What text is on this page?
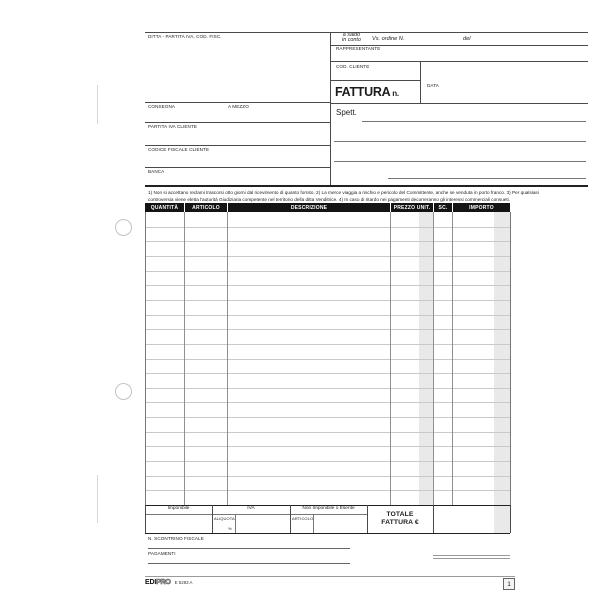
DITTA - PARTITA IVA, COD. FISC.	a saldo
in conto	Vs. ordine N.	del
RAPPRESENTANTE
COD. CLIENTE
DATA
FATTURA n.
Spett.
CONSEGNA	A MEZZO
PARTITA IVA CLIENTE
CODICE FISCALE CLIENTE
BANCA
1) Non si accettano reclami trascorsi otto giorni dal ricevimento di quanto fornito. 2) La merce viaggia a rischio e pericolo del Committente, anche se venduta in porto franco. 3) Per qualsiasi
controversia viene eletta l'autorità Giudiziaria competente nel territorio della ditta Venditrice. 4) In caso di ritardo nei pagamenti decorreranno gli interessi commerciali consueti.
QUANTITÀ	ARTICOLO	DESCRIZIONE	PREZZO UNIT.	SC.	IMPORTO
Imponibile	IVA	Non Imponibile o Esente
ALIQUOTA
%
ARTICOLO
TOTALE
FATTURA €
N. SCONTRINO FISCALE
PAGAMENTI
EDI PRO E 5283 A	1
